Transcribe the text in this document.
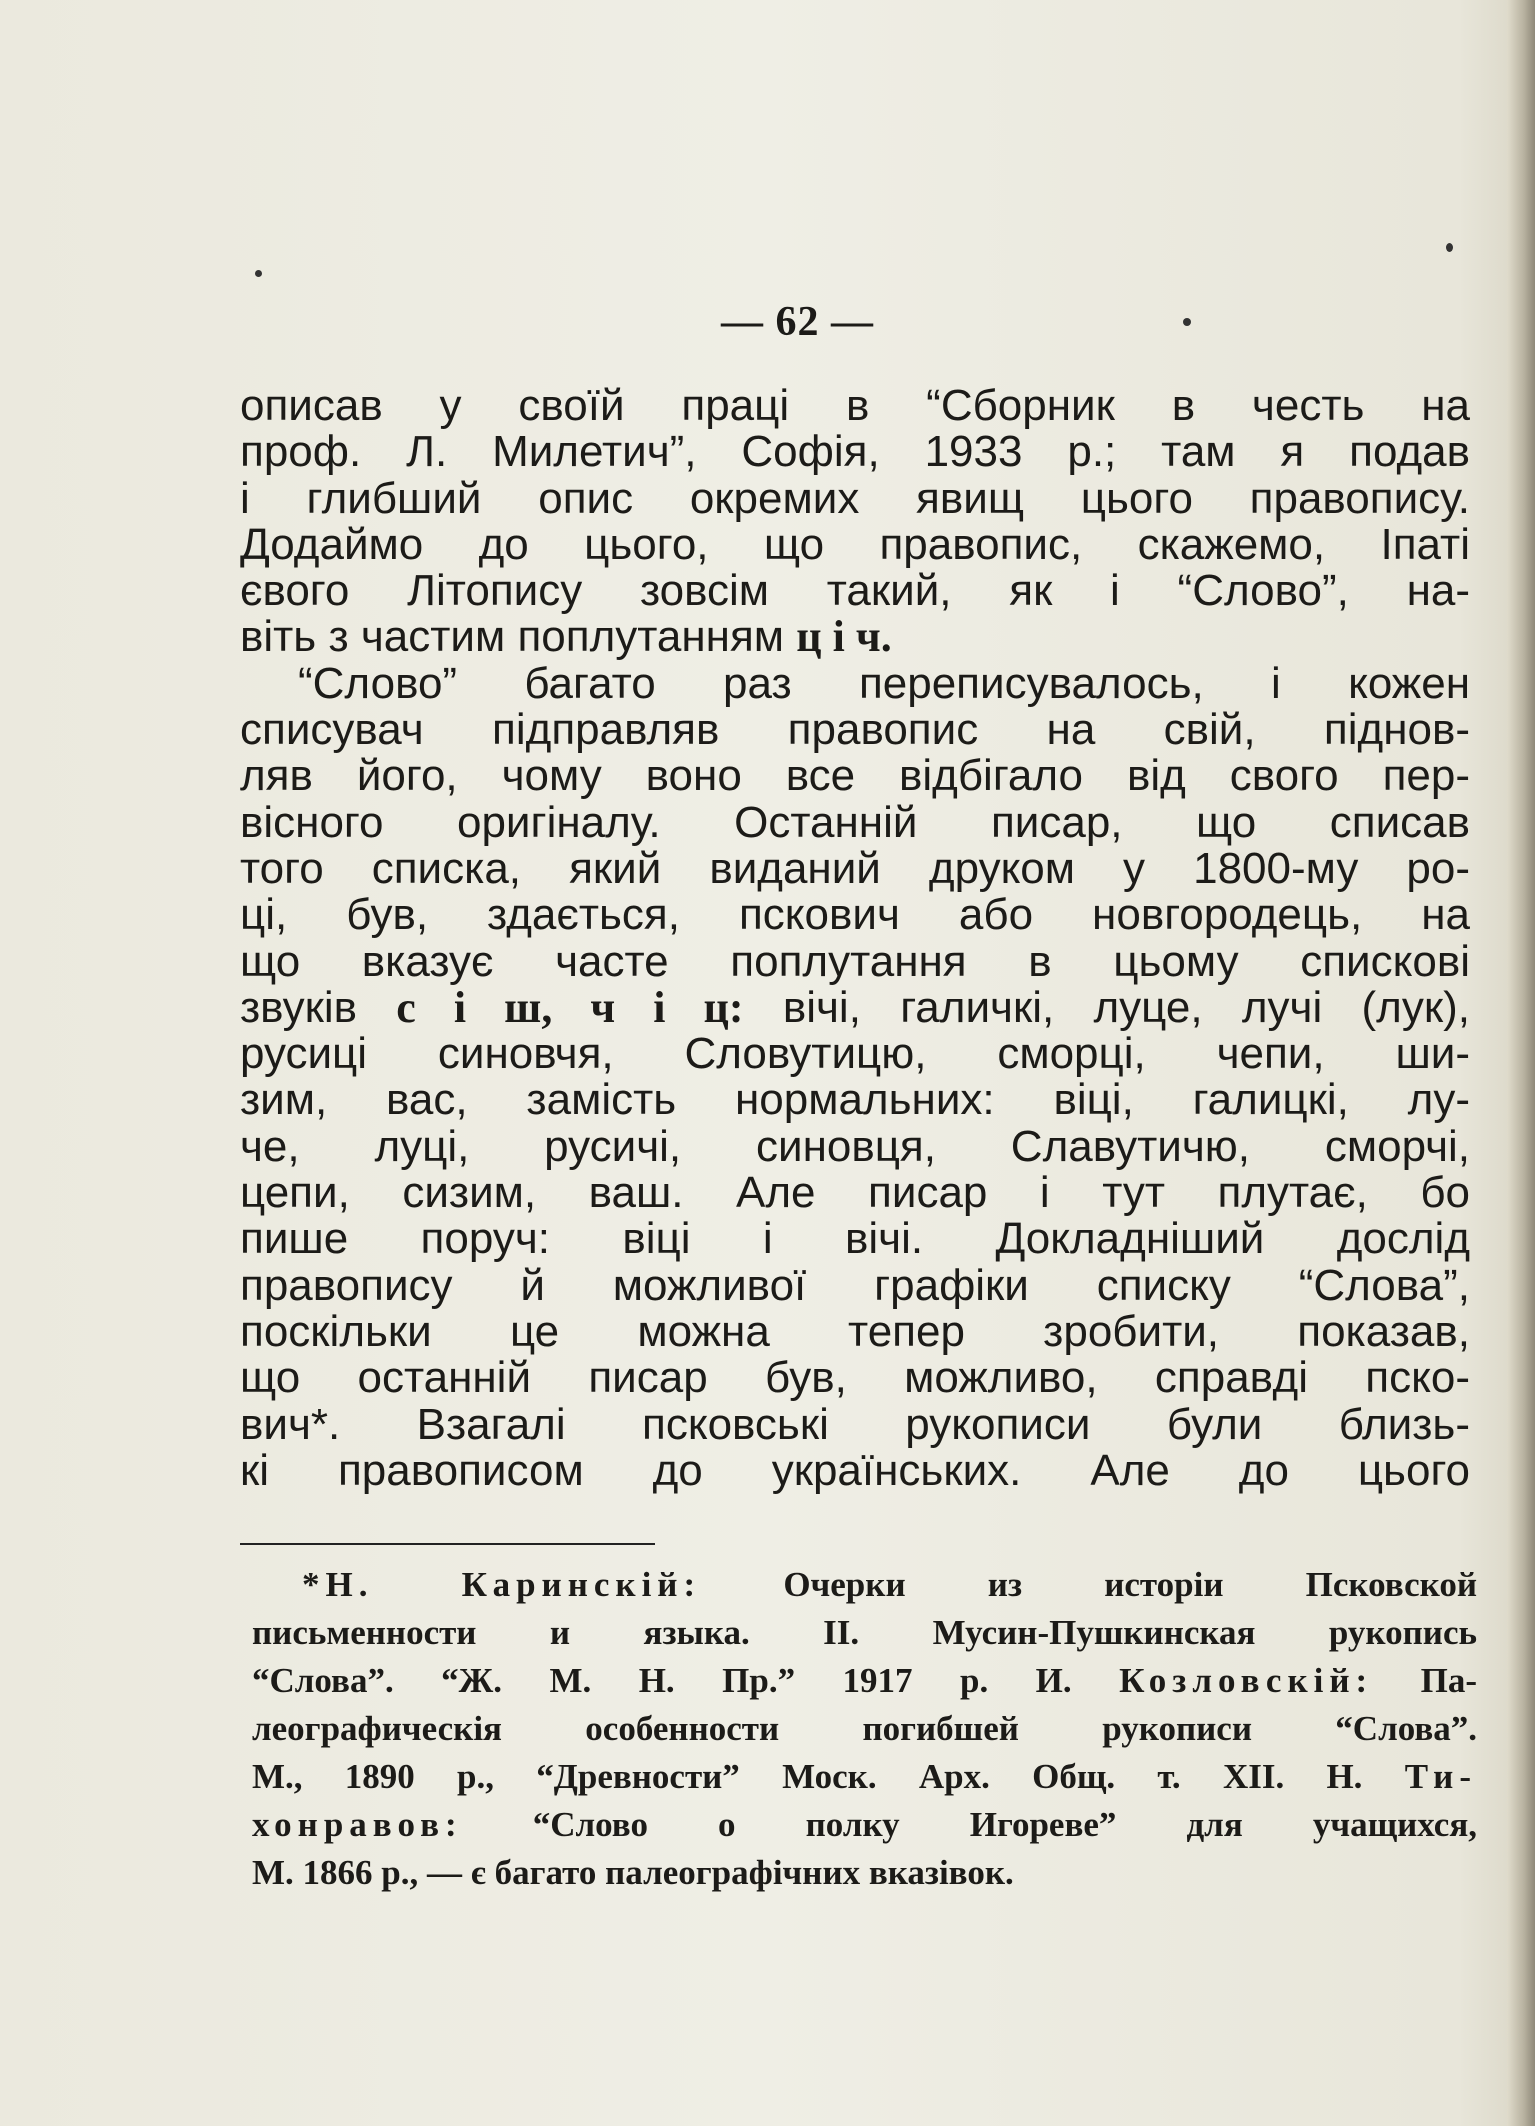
— 62 —
описав у своїй праці в “Сборник в честь на
проф. Л. Милетич”, Софія, 1933 р.; там я подав
і глибший опис окремих явищ цього правопису.
Додаймо до цього, що правопис, скажемо, Іпаті
євого Літопису зовсім такий, як і “Слово”, на-
віть з частим поплутанням ц і ч.
“Слово” багато раз переписувалось, і кожен
списувач підправляв правопис на свій, піднов-
ляв його, чому воно все відбігало від свого пер-
вісного оригіналу. Останній писар, що списав
того списка, який виданий друком у 1800-му ро-
ці, був, здається, пскович або новгородець, на
що вказує часте поплутання в цьому спискові
звуків с і ш, ч і ц: вічі, галичкі, луце, лучі (лук),
русиці синовчя, Словутицю, сморці, чепи, ши-
зим, вас, замість нормальних: віці, галицкі, лу-
че, луці, русичі, синовця, Славутичю, сморчі,
цепи, сизим, ваш. Але писар і тут плутає, бо
пише поруч: віці і вічі. Докладніший дослід
правопису й можливої графіки списку “Слова”,
поскільки це можна тепер зробити, показав,
що останній писар був, можливо, справді пско-
вич*. Взагалі псковські рукописи були близь-
кі правописом до українських. Але до цього
*Н. Каринскій: Очерки из исторіи Псковской
письменности и языка. II. Мусин-Пушкинская рукопись
“Слова”. “Ж. М. Н. Пр.” 1917 р. И. Козловскій: Па-
леографическія особенности погибшей рукописи “Слова”.
М., 1890 р., “Древности” Моск. Арх. Общ. т. XII. Н. Ти-
хонравов: “Слово о полку Игореве” для учащихся,
М. 1866 р., — є багато палеографічних вказівок.
